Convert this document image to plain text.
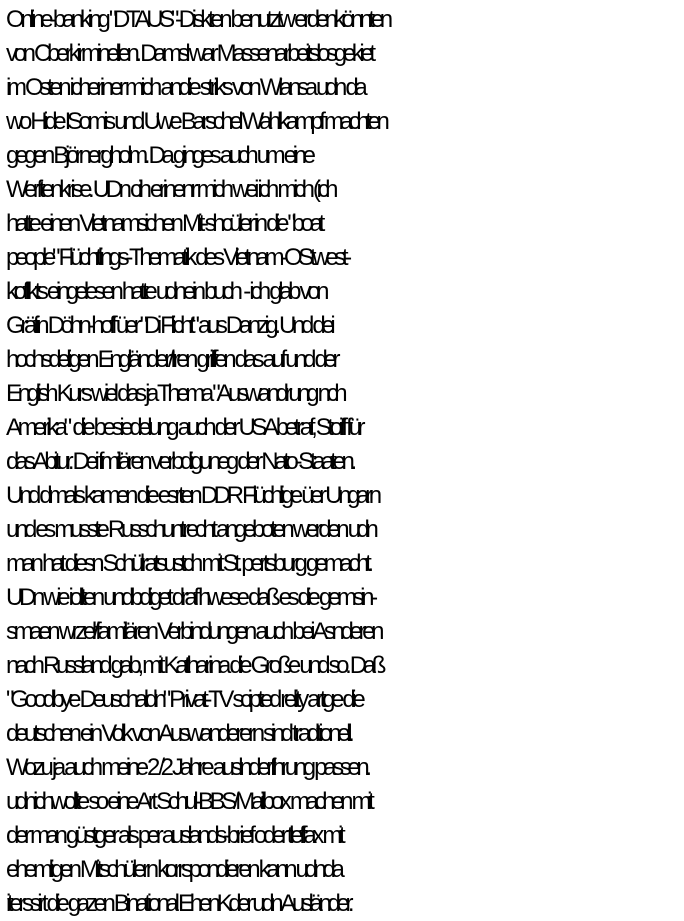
Online-banking "DTAUS"-Diskten benutztw erdenkönnten
von Cberkirminellen. Damsl war Massenarbeitslosgekiet
im Osten icheriner mich andie striks von Wlansa udn da
wo Hide ISomis und Uwe Barschel Wahlkampf machten
gegen Björnergholm. Da ginges auch um eine
Werftenkrise. UDn cih erinenr mich wei ich mich (ich
hatte einen Vietnamsichen Mit-shcüler in die "boat
people" Flüchtlings-Thematik des Vietnam-OStwest-
koflikts eingelesen hatte udnein buch  - ich glab von
Gräfin Döhn-hoff üer "Di Flicht" aus Danzig. Und dei
hochsdeligen Engländer/Iren griffen das auf und der
English Kurs wiel das ja Thema "Auswandrung nch
Amerika"  die besiedelung auch der USA betraf, Stoiff für
das Abitur. Dei fmilären verbdiguneg der Nato-Staaten.
Und dmals kamen die esrten DDR Flüchlige üer Ungarn
und es musste Russchuntrecht angeboten werden udn
man hat diesn Schülratsustch mit St. pertsburg gemacht.
UDn wie iollten undbdiget draf hwese daß es die gemsin-
smaen wrzel/familären Verbindungen auch bei Asnderen
nach Russland gab, mit Katharina die Große und so. Daß
"Goodbye Deuschaldn" Privat-TV scipted relity artge die
deutschen ein Volk von Auswanderern sind tradtionell.
Wozu ja auch meine 2 /2 Jahre auslnderfhrung passen.
udnichwollte so eine Art Schul-BBS/Mailbox machen mit
der man güstger als per auslands-brief oder tleffax mit
ehemligen Mitschülern korrspondieren kann udnda
iterssirt die gazen Binational EhenKder udn Ausländer.
